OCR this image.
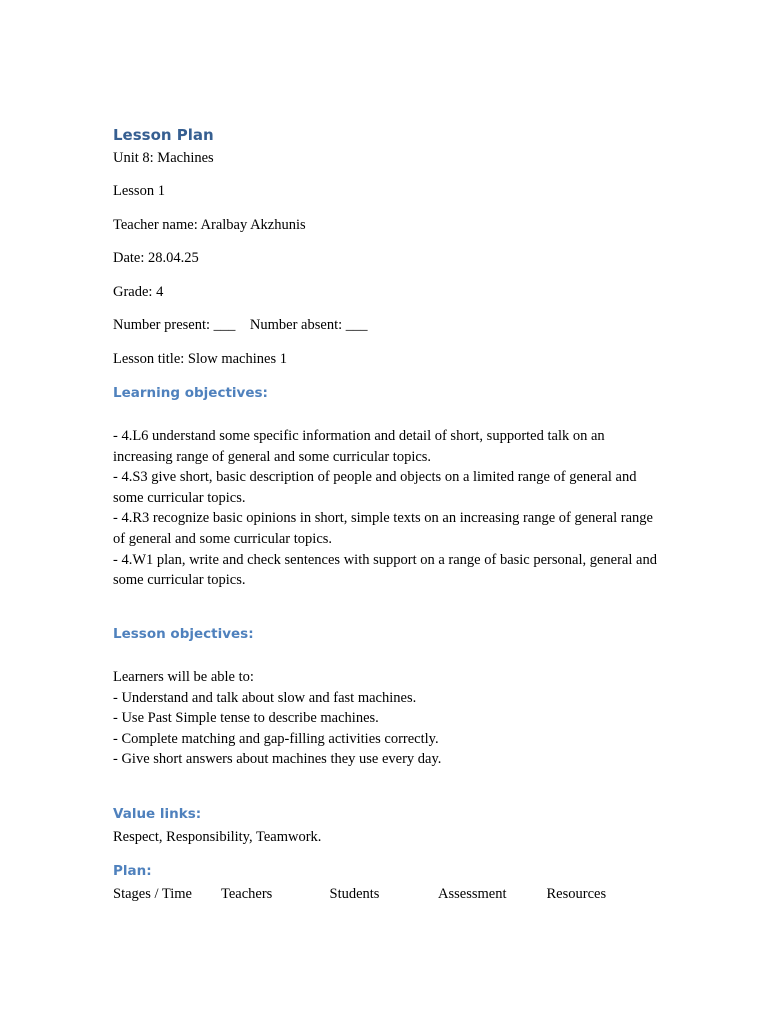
Lesson Plan

Unit 8: Machines

Lesson 1

Teacher name: Aralbay Akzhunis

Date: 28.04.25

Grade: 4

Number present: ___    Number absent: ___

Lesson title: Slow machines 1

Learning objectives:
- 4.L6 understand some specific information and detail of short, supported talk on an increasing range of general and some curricular topics.
- 4.S3 give short, basic description of people and objects on a limited range of general and some curricular topics.
- 4.R3 recognize basic opinions in short, simple texts on an increasing range of general range of general and some curricular topics.
- 4.W1 plan, write and check sentences with support on a range of basic personal, general and some curricular topics.
Lesson objectives:
Learners will be able to:
- Understand and talk about slow and fast machines.
- Use Past Simple tense to describe machines.
- Complete matching and gap-filling activities correctly.
- Give short answers about machines they use every day.
Value links:

Respect, Responsibility, Teamwork.

Plan:
Stages / Time	Teachers	Students	Assessment	Resources
